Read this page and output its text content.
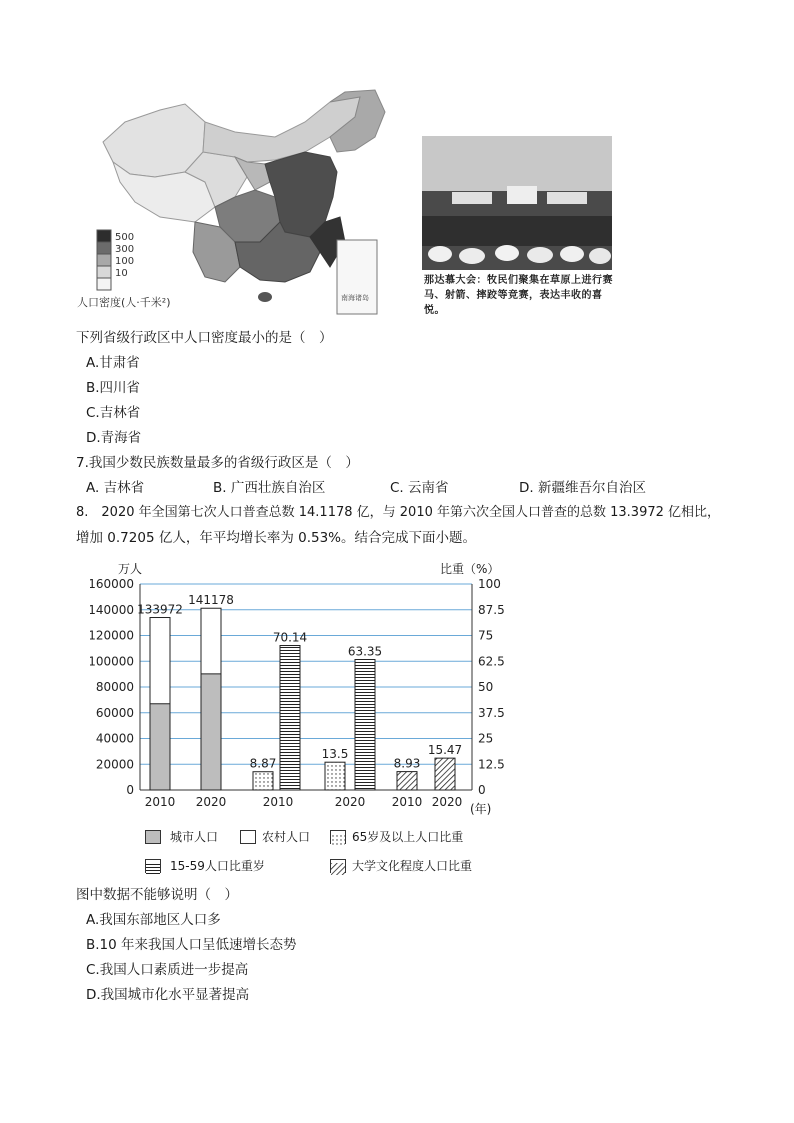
500
300
100
10
人口密度(人·千米²)	南海诸岛
那达慕大会：牧民们聚集在草原上进行赛马、射箭、摔跤等竞赛，表达丰收的喜悦。
下列省级行政区中人口密度最小的是（　）
A.甘肃省
B.四川省
C.吉林省
D.青海省
7.我国少数民族数量最多的省级行政区是（　）
A. 吉林省	B. 广西壮族自治区	C. 云南省	D. 新疆维吾尔自治区
8.　2020 年全国第七次人口普查总数 14.1178 亿，与 2010 年第六次全国人口普查的总数 13.3972 亿相比，
增加 0.7205 亿人，年平均增长率为 0.53%。结合完成下面小题。
160000	100
140000	87.5
120000	75
100000	62.5
80000	50
60000	37.5
40000	25
20000	12.5
0	0
133972
141178
8.87
70.14
13.5
63.35
8.93
15.47
2010 2020	2010	2020 2010 2020
万人	比重（%）
(年)
城市人口	农村人口	65岁及以上人口比重
15-59人口比重岁	大学文化程度人口比重
图中数据不能够说明（　）
A.我国东部地区人口多
B.10 年来我国人口呈低速增长态势
C.我国人口素质进一步提高
D.我国城市化水平显著提高
